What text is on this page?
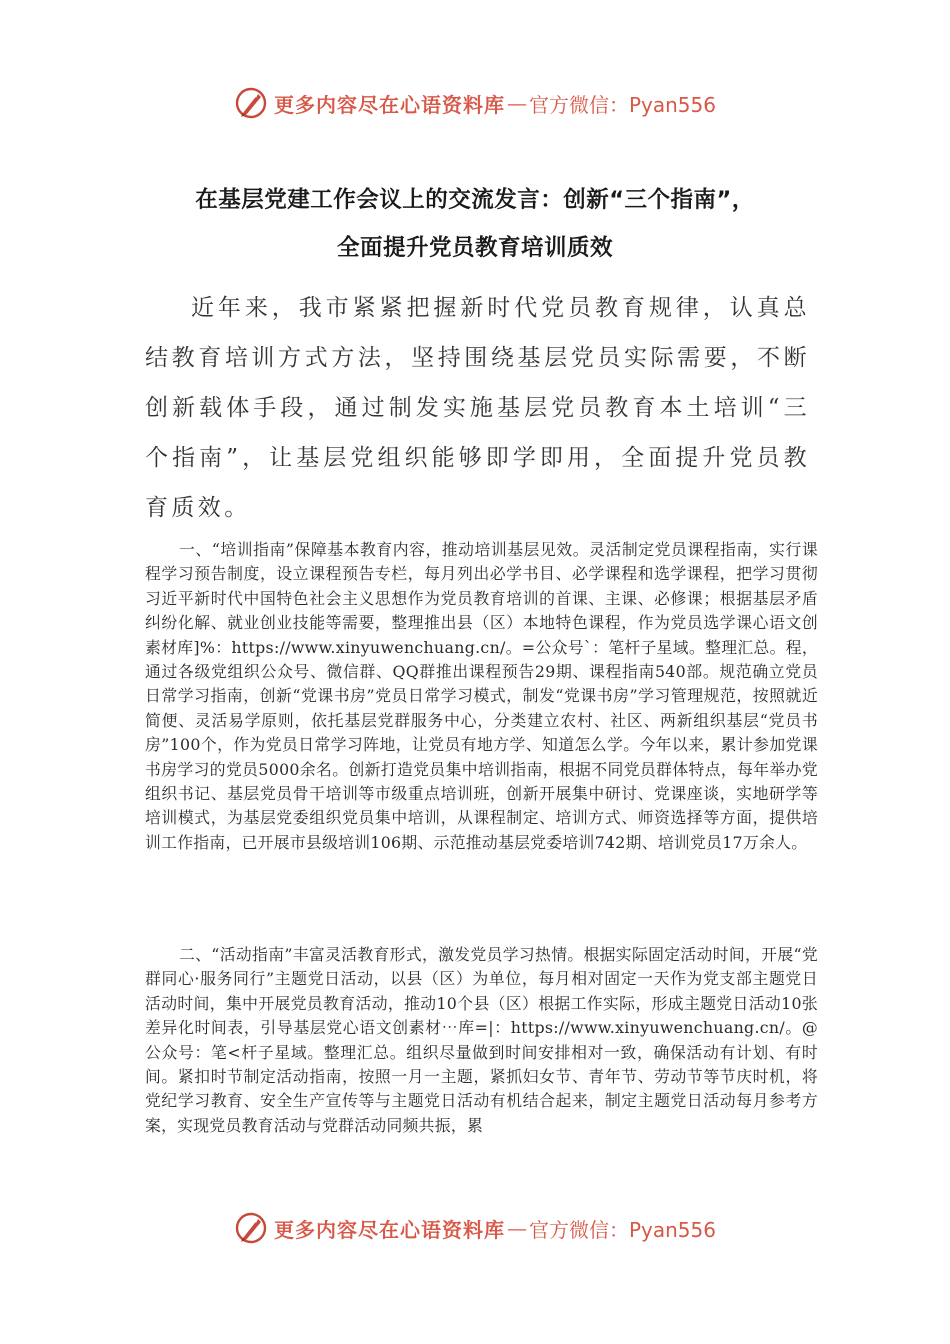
更多内容尽在心语资料库 — 官方微信：Pyan556
在基层党建工作会议上的交流发言：创新“三个指南”，
全面提升党员教育培训质效

近年来，我市紧紧把握新时代党员教育规律，认真总结教育培训方式方法，坚持围绕基层党员实际需要，不断创新载体手段，通过制发实施基层党员教育本土培训“三个指南”，让基层党组织能够即学即用，全面提升党员教育质效。

一、“培训指南”保障基本教育内容，推动培训基层见效。灵活制定党员课程指南，实行课程学习预告制度，设立课程预告专栏，每月列出必学书目、必学课程和选学课程，把学习贯彻习近平新时代中国特色社会主义思想作为党员教育培训的首课、主课、必修课；根据基层矛盾纠纷化解、就业创业技能等需要，整理推出县（区）本地特色课程，作为党员选学课心语文创素材库]%：https://www.xinyuwenchuang.cn/。=公众号`：笔杆子星域。整理汇总。程，通过各级党组织公众号、微信群、QQ群推出课程预告29期、课程指南540部。规范确立党员日常学习指南，创新“党课书房”党员日常学习模式，制发“党课书房”学习管理规范，按照就近简便、灵活易学原则，依托基层党群服务中心，分类建立农村、社区、两新组织基层“党员书房”100个，作为党员日常学习阵地，让党员有地方学、知道怎么学。今年以来，累计参加党课书房学习的党员5000余名。创新打造党员集中培训指南，根据不同党员群体特点，每年举办党组织书记、基层党员骨干培训等市级重点培训班，创新开展集中研讨、党课座谈，实地研学等培训模式，为基层党委组织党员集中培训，从课程制定、培训方式、师资选择等方面，提供培训工作指南，已开展市县级培训106期、示范推动基层党委培训742期、培训党员17万余人。

二、“活动指南”丰富灵活教育形式，激发党员学习热情。根据实际固定活动时间，开展“党群同心·服务同行”主题党日活动，以县（区）为单位，每月相对固定一天作为党支部主题党日活动时间，集中开展党员教育活动，推动10个县（区）根据工作实际，形成主题党日活动10张差异化时间表，引导基层党心语文创素材⋯库=|：https://www.xinyuwenchuang.cn/。@公众号：笔<杆子星域。整理汇总。组织尽量做到时间安排相对一致，确保活动有计划、有时间。紧扣时节制定活动指南，按照一月一主题，紧抓妇女节、青年节、劳动节等节庆时机，将党纪学习教育、安全生产宣传等与主题党日活动有机结合起来，制定主题党日活动每月参考方案，实现党员教育活动与党群活动同频共振，累

更多内容尽在心语资料库 — 官方微信：Pyan556
